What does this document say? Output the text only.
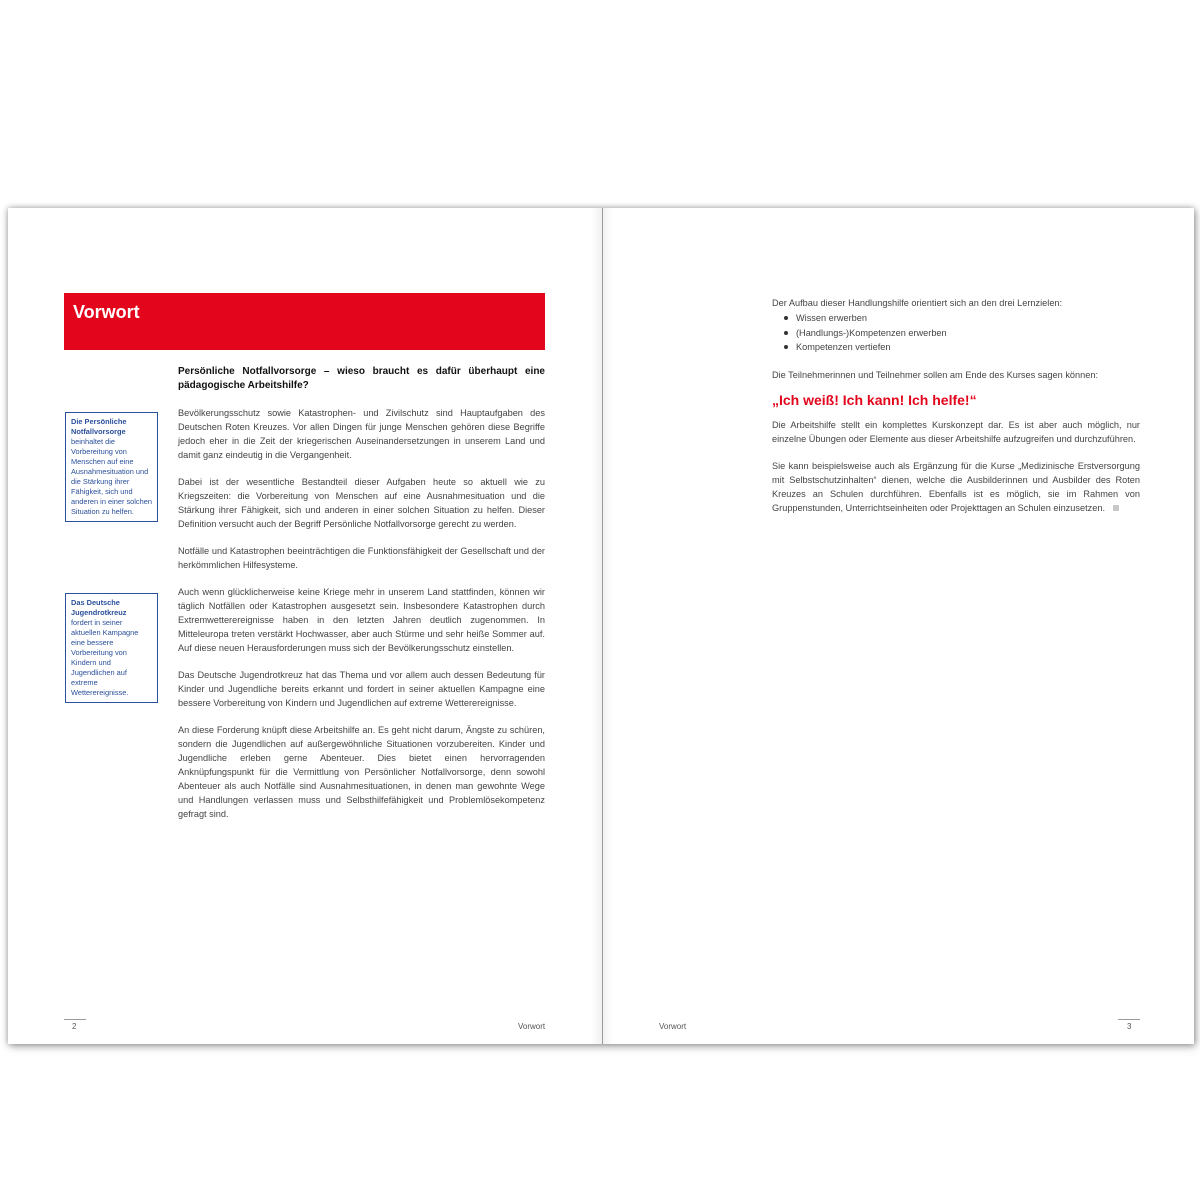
Vorwort
Persönliche Notfallvorsorge – wieso braucht es dafür überhaupt eine pädagogische Arbeitshilfe?

Bevölkerungsschutz sowie Katastrophen- und Zivilschutz sind Hauptaufgaben des Deutschen Roten Kreuzes. Vor allen Dingen für junge Menschen gehören diese Begriffe jedoch eher in die Zeit der kriegerischen Auseinandersetzungen in unserem Land und damit ganz eindeutig in die Vergangenheit.

Dabei ist der wesentliche Bestandteil dieser Aufgaben heute so aktuell wie zu Kriegszeiten: die Vorbereitung von Menschen auf eine Ausnahmesituation und die Stärkung ihrer Fähigkeit, sich und anderen in einer solchen Situation zu helfen. Dieser Definition versucht auch der Begriff Persönliche Notfallvorsorge gerecht zu werden.

Notfälle und Katastrophen beeinträchtigen die Funktionsfähigkeit der Gesellschaft und der herkömmlichen Hilfesysteme.

Auch wenn glücklicherweise keine Kriege mehr in unserem Land stattfinden, können wir täglich Notfällen oder Katastrophen ausgesetzt sein. Insbesondere Katastrophen durch Extremwetterereignisse haben in den letzten Jahren deutlich zugenommen. In Mitteleuropa treten verstärkt Hochwasser, aber auch Stürme und sehr heiße Sommer auf. Auf diese neuen Herausforderungen muss sich der Bevölkerungsschutz einstellen.

Das Deutsche Jugendrotkreuz hat das Thema und vor allem auch dessen Bedeutung für Kinder und Jugendliche bereits erkannt und fordert in seiner aktuellen Kampagne eine bessere Vorbereitung von Kindern und Jugendlichen auf extreme Wetterereignisse.

An diese Forderung knüpft diese Arbeitshilfe an. Es geht nicht darum, Ängste zu schüren, sondern die Jugendlichen auf außergewöhnliche Situationen vorzubereiten. Kinder und Jugendliche erleben gerne Abenteuer. Dies bietet einen hervorragenden Anknüpfungspunkt für die Vermittlung von Persönlicher Notfallvorsorge, denn sowohl Abenteuer als auch Notfälle sind Ausnahmesituationen, in denen man gewohnte Wege und Handlungen verlassen muss und Selbsthilfefähigkeit und Problemlösekompetenz gefragt sind.

Die Persönliche Notfallvorsorge
beinhaltet die Vorbereitung von Menschen auf eine Ausnahmesituation und die Stärkung ihrer Fähigkeit, sich und anderen in einer solchen Situation zu helfen.
Das Deutsche Jugendrotkreuz
fordert in seiner aktuellen Kampagne eine bessere Vorbereitung von Kindern und Jugendlichen auf extreme Wetterereignisse.
2	Vorwort

Der Aufbau dieser Handlungshilfe orientiert sich an den drei Lernzielen:

Wissen erwerben
(Handlungs-)Kompetenzen erwerben
Kompetenzen vertiefen

Die Teilnehmerinnen und Teilnehmer sollen am Ende des Kurses sagen können:

„Ich weiß! Ich kann! Ich helfe!“

Die Arbeitshilfe stellt ein komplettes Kurskonzept dar. Es ist aber auch möglich, nur einzelne Übungen oder Elemente aus dieser Arbeitshilfe aufzugreifen und durchzuführen.

Sie kann beispielsweise auch als Ergänzung für die Kurse „Medizinische Erstversorgung mit Selbstschutzinhalten“ dienen, welche die Ausbilderinnen und Ausbilder des Roten Kreuzes an Schulen durchführen. Ebenfalls ist es möglich, sie im Rahmen von Gruppenstunden, Unterrichtseinheiten oder Projekttagen an Schulen einzusetzen.

Vorwort	3
